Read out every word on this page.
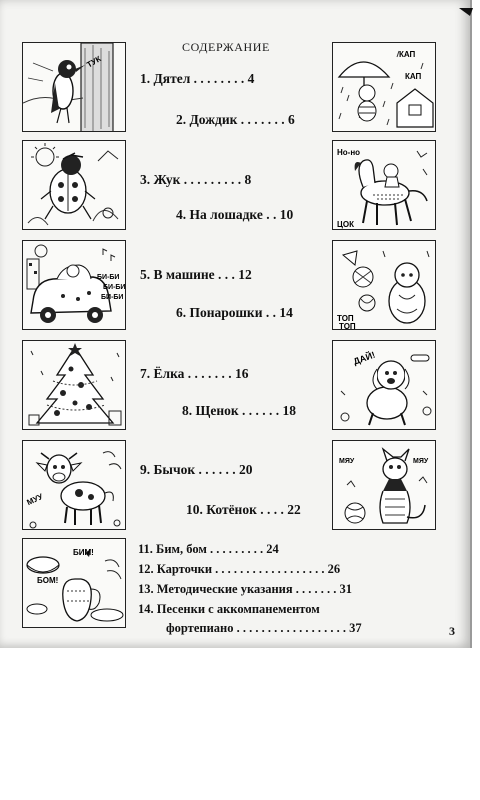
СОДЕРЖАНИЕ
ТУК
БИ-БИ
БИ-БИ
БИ-БИ
МУУ
БИМ!
БОМ!
КАП
КАП
Но-но
ЦОК
ТОП
ТОП
ДАЙ!
МЯУ	МЯУ
1. Дятел . . . . . . . . 4
2. Дождик . . . . . . . 6
3. Жук . . . . . . . . . 8
4. На лошадке . . 10
5. В машине . . . 12
6. Понарошки . . 14
7. Ёлка . . . . . . . 16
8. Щенок . . . . . . 18
9. Бычок . . . . . . 20
10. Котёнок . . . . 22
11. Бим, бом . . . . . . . . . 24
12. Карточки . . . . . . . . . . . . . . . . . . 26
13. Методические указания . . . . . . . 31
14. Песенки с аккомпанементом
фортепиано . . . . . . . . . . . . . . . . . . 37	3
